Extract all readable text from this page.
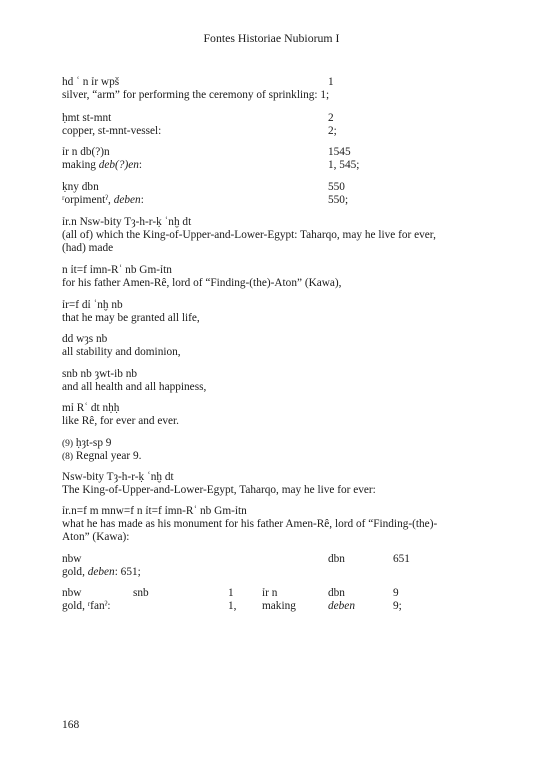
Fontes Historiae Nubiorum I
hd ʿ n ỉr wpš	1
silver, “arm” for performing the ceremony of sprinkling: 1;
ḥmt st-mnt	2
copper, st-mnt-vessel:	2;
ỉr n db(?)n	1545
making deb(?)en:	1, 545;
ḳny dbn	550
ʳorpimentˀ, deben:	550;
ỉr.n Nsw-bity Tȝ-h-r-ḳ ʿnḫ dt
(all of) which the King-of-Upper-and-Lower-Egypt: Taharqo, may he live for ever,
(had) made
n ỉt=f ỉmn-Rʿ nb Gm-ỉtn
for his father Amen-Rê, lord of “Finding-(the)-Aton” (Kawa),
ỉr=f dỉ ʿnḫ nb
that he may be granted all life,
dd wȝs nb
all stability and dominion,
snb nb ȝwt-ib nb
and all health and all happiness,
mỉ Rʿ dt nḥḥ
like Rê, for ever and ever.
(9) ḥȝt-sp 9
(8) Regnal year 9.
Nsw-bity Tȝ-h-r-ḳ ʿnḫ dt
The King-of-Upper-and-Lower-Egypt, Taharqo, may he live for ever:
ỉr.n=f m mnw=f n ỉt=f ỉmn-Rʿ nb Gm-ỉtn
what he has made as his monument for his father Amen-Rê, lord of “Finding-(the)-
Aton” (Kawa):
nbw	dbn	651
gold, deben: 651;
nbw	snb	1	ỉr n	dbn	9
gold, ʳfanˀ:	1, making	deben	9;
168
